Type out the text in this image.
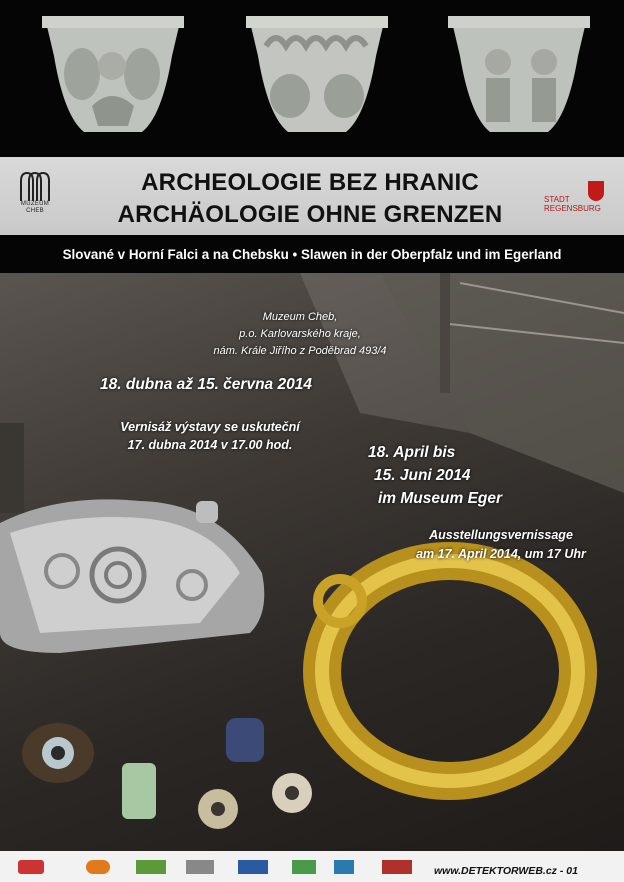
MUZEUM
CHEB
ARCHEOLOGIE BEZ HRANIC
ARCHÄOLOGIE OHNE GRENZEN
STADT
REGENSBURG
Slované v Horní Falci a na Chebsku • Slawen in der Oberpfalz und im Egerland
Muzeum Cheb,
p.o. Karlovarského kraje,
nám. Krále Jiřího z Poděbrad 493/4
18. dubna až 15. června 2014
Vernisáž výstavy se uskuteční
17. dubna 2014 v 17.00 hod.	18. April bis
15. Juni 2014
im Museum Eger
Ausstellungsvernissage
am 17. April 2014, um 17 Uhr
www.DETEKTORWEB.cz - 01
